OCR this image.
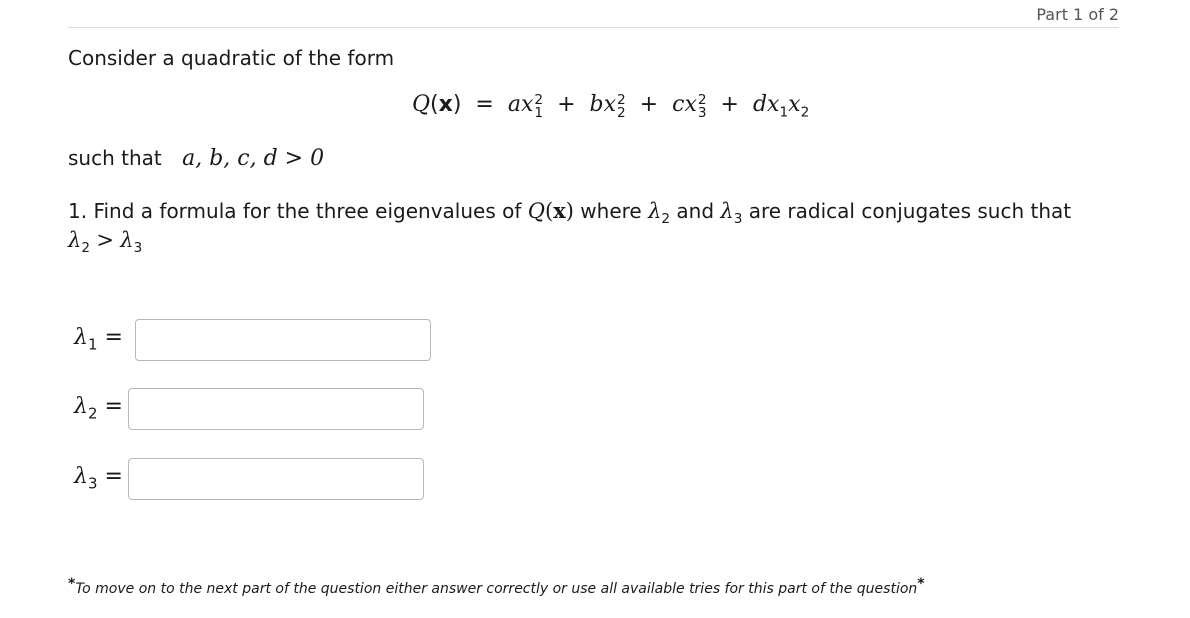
Part 1 of 2
Consider a quadratic of the form
Q(x)  =  ax 2
1 +  bx 2
2 +  cx 2
$3 + dx_1x_2$
such that a, b, c, d > 0
1. Find a formula for the three eigenvalues of Q(x) where $\lambda_2$ and $\lambda_3$ are radical conjugates such that
$\lambda_2 > \lambda_3$
$\lambda_1$ =
$\lambda_2$ =
$\lambda_3$ =
*To move on to the next part of the question either answer correctly or use all available tries for this part of the question*
